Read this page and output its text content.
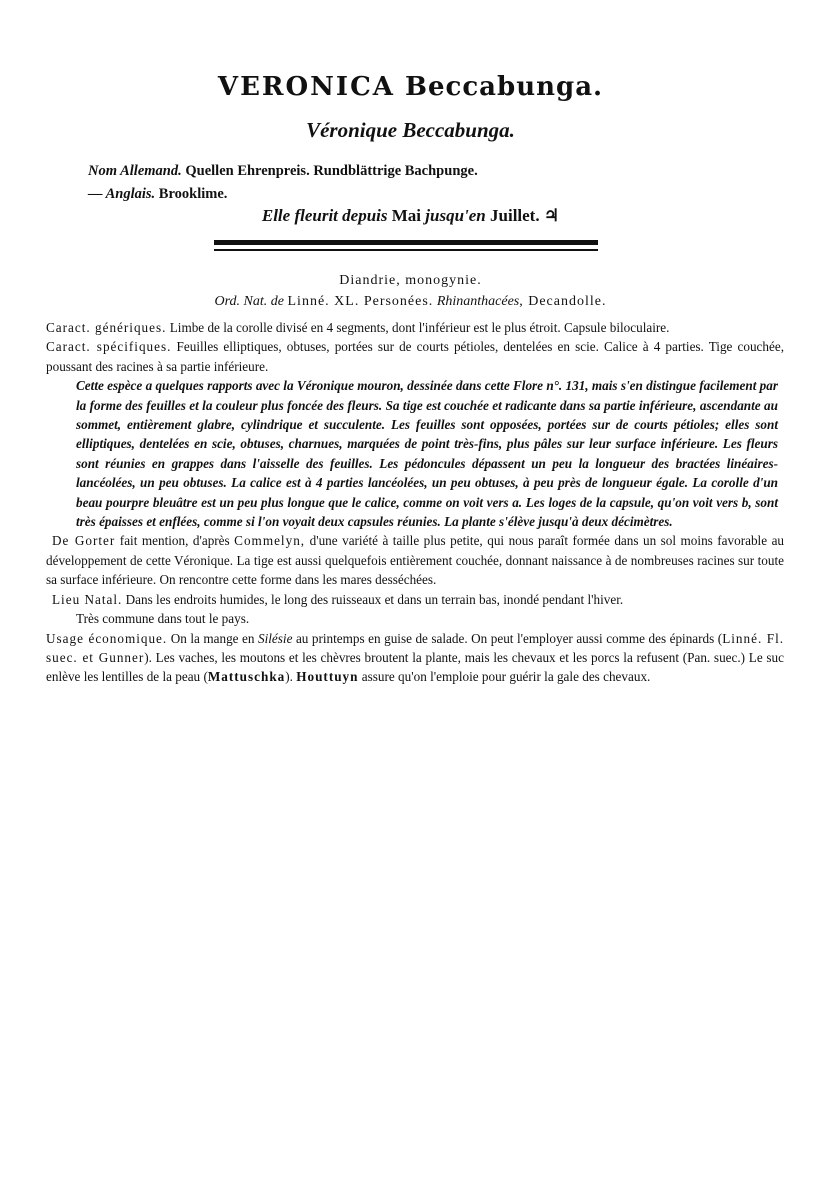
VERONICA Beccabunga.
Véronique Beccabunga.
Nom Allemand. Quellen Ehrenpreis. Rundblättrige Bachpunge.
— Anglais. Brooklime.
Elle fleurit depuis Mai jusqu'en Juillet. ♃
Diandrie, monogynie.
Ord. Nat. de Linné. XL. Personées. Rhinanthacées, Decandolle.

Caract. génériques. Limbe de la corolle divisé en 4 segments, dont l'inférieur est le plus étroit. Capsule biloculaire.

Caract. spécifiques. Feuilles elliptiques, obtuses, portées sur de courts pétioles, dentelées en scie. Calice à 4 parties. Tige couchée, poussant des racines à sa partie inférieure.

Cette espèce a quelques rapports avec la Véronique mouron, dessinée dans cette Flore n°. 131, mais s'en distingue facilement par la forme des feuilles et la couleur plus foncée des fleurs. Sa tige est couchée et radicante dans sa partie inférieure, ascendante au sommet, entièrement glabre, cylindrique et succulente. Les feuilles sont opposées, portées sur de courts pétioles; elles sont elliptiques, dentelées en scie, obtuses, charnues, marquées de point très-fins, plus pâles sur leur surface inférieure. Les fleurs sont réunies en grappes dans l'aisselle des feuilles. Les pédoncules dépassent un peu la longueur des bractées linéaires-lancéolées, un peu obtuses. La calice est à 4 parties lancéolées, un peu obtuses, à peu près de longueur égale. La corolle d'un beau pourpre bleuâtre est un peu plus longue que le calice, comme on voit vers a. Les loges de la capsule, qu'on voit vers b, sont très épaisses et enflées, comme si l'on voyait deux capsules réunies. La plante s'élève jusqu'à deux décimètres.

De Gorter fait mention, d'après Commelyn, d'une variété à taille plus petite, qui nous paraît formée dans un sol moins favorable au développement de cette Véronique. La tige est aussi quelquefois entièrement couchée, donnant naissance à de nombreuses racines sur toute sa surface inférieure. On rencontre cette forme dans les mares desséchées.

Lieu Natal. Dans les endroits humides, le long des ruisseaux et dans un terrain bas, inondé pendant l'hiver.

Très commune dans tout le pays.

Usage économique. On la mange en Silésie au printemps en guise de salade. On peut l'employer aussi comme des épinards (Linné. Fl. suec. et Gunner). Les vaches, les moutons et les chèvres broutent la plante, mais les chevaux et les porcs la refusent (Pan. suec.) Le suc enlève les lentilles de la peau (Mattuschka). Houttuyn assure qu'on l'emploie pour guérir la gale des chevaux.
